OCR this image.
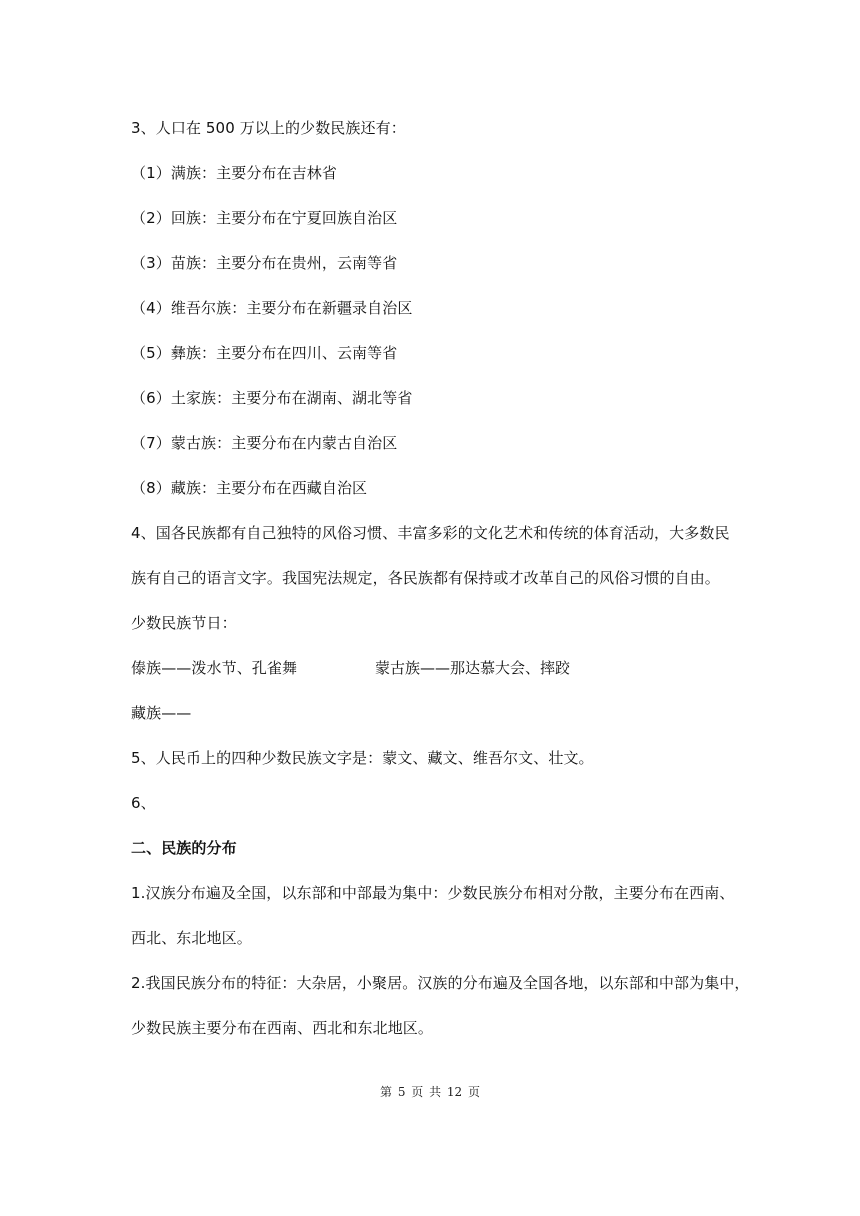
3、人口在 500 万以上的少数民族还有：
（1）满族：主要分布在吉林省
（2）回族：主要分布在宁夏回族自治区
（3）苗族：主要分布在贵州，云南等省
（4）维吾尔族：主要分布在新疆录自治区
（5）彝族：主要分布在四川、云南等省
（6）土家族：主要分布在湖南、湖北等省
（7）蒙古族：主要分布在内蒙古自治区
（8）藏族：主要分布在西藏自治区
4、国各民族都有自己独特的风俗习惯、丰富多彩的文化艺术和传统的体育活动，大多数民
族有自己的语言文字。我国宪法规定，各民族都有保持或才改革自己的风俗习惯的自由。
少数民族节日：
傣族——泼水节、孔雀舞	蒙古族——那达慕大会、摔跤
藏族——
5、人民币上的四种少数民族文字是：蒙文、藏文、维吾尔文、壮文。
6、
二、民族的分布
1.汉族分布遍及全国，以东部和中部最为集中：少数民族分布相对分散，主要分布在西南、
西北、东北地区。
2.我国民族分布的特征：大杂居，小聚居。汉族的分布遍及全国各地，以东部和中部为集中，
少数民族主要分布在西南、西北和东北地区。
第 5 页 共 12 页
